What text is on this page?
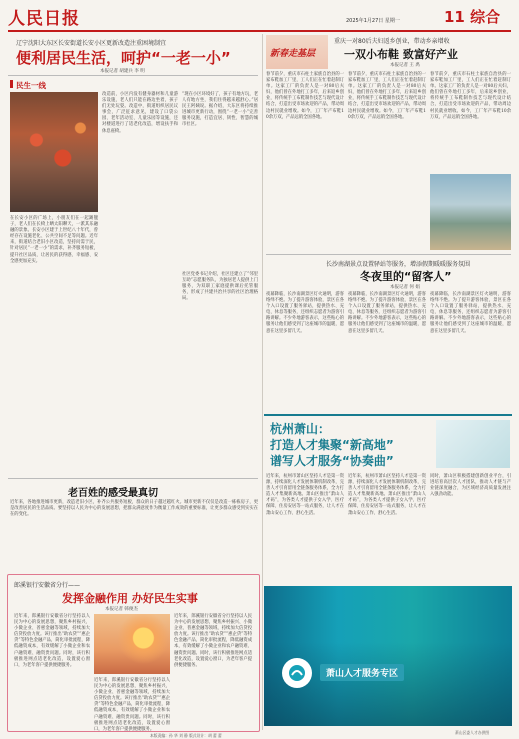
人民日报	2025年1月27日 星期一	11 综合
辽宁沈阳大东区长安街道长安小区更新改造注重困境制宜
便利居民生活，呵护“一老一小”
本报记者 胡建兵 李 明
民生一线
在长安小区的广场上，小朋友们在一起踢毽子，老人们在长椅上晒太阳聊天，一派其乐融融的景象。长安小区建于上世纪八十年代，曾经存在设施老化、公共空间不足等问题。近年来，街道结合老旧小区改造，坚持问需于民，针对居民“一老一小”的需求，补齐服务短板，提升社区品质，让居民的获得感、幸福感、安全感更加充实。
改造前，小区内没有健身器材和儿童游乐设施，老人们只能在路边坐着，孩子们无处玩耍。改造中，街道组织居民议事会，广泛征求意见，建设了口袋公园、老年活动室、儿童乐园等设施，还对楼道进行了适老化改造，增设扶手和休息座椅。
“现在小区环境好了，孩子有地方玩，老人有地方坐，我们住得越来越舒心。”居民王阿姨说。据介绍，大东区将持续推进城市更新行动，围绕“一老一小”完善服务设施，打造宜居、韧性、智慧的城市社区。
社区党委书记介绍，社区还建立了“邻里互助”志愿服务队，为独居老人提供上门服务，为双职工家庭提供课后托管服务，形成了共建共治共享的社区治理格局。
老百姓的感受最真切
近年来，各地推进城市更新，改造老旧小区，补齐公共服务短板，群众的日子越过越红火。城市更新不仅仅是改造一栋栋房子，更是改善居民的生活品质。要坚持以人民为中心的发展思想，把群众满意度作为衡量工作成效的重要标准，让更多群众感受到实实在在的变化。
郎溪银行安徽省分行——
发挥金融作用 办好民生实事
本报记者 韩俊杰
近年来，郎溪银行安徽省分行坚持以人民为中心的发展思想，聚焦乡村振兴、小微企业、普惠金融等领域，持续加大信贷投放力度。该行推出“助农贷”“惠企贷”等特色金融产品，简化审批流程，降低融资成本，有效缓解了小微企业和农户融资难、融资贵问题。同时，该行积极推进网点适老化改造，设置爱心窗口，为老年客户提供便捷服务。
近年来，郎溪银行安徽省分行坚持以人民为中心的发展思想，聚焦乡村振兴、小微企业、普惠金融等领域，持续加大信贷投放力度。该行推出“助农贷”“惠企贷”等特色金融产品，简化审批流程，降低融资成本，有效缓解了小微企业和农户融资难、融资贵问题。同时，该行积极推进网点适老化改造，设置爱心窗口，为老年客户提供便捷服务。
近年来，郎溪银行安徽省分行坚持以人民为中心的发展思想，聚焦乡村振兴、小微企业、普惠金融等领域，持续加大信贷投放力度。该行推出“助农贷”“惠企贷”等特色金融产品，简化审批流程，降低融资成本，有效缓解了小微企业和农户融资难、融资贵问题。同时，该行积极推进网点适老化改造，设置爱心窗口，为老年客户提供便捷服务。
本版责编：孙 华 刘 静 版式设计：胡 蕾 蕾
新春走基层
重庆一对80后夫妇返乡创业，带动乡亲增收
一双小布鞋 致富好产业
本报记者 王 禹
春节前夕，重庆市石柱土家族自治县的一家布鞋加工厂里，工人们正在忙着赶制订单。这家工厂的负责人是一对80后夫妇，他们曾在外地打工多年，后来返乡创业，将传统手工布鞋制作技艺与现代设计结合，打造出受市场欢迎的产品，带动周边村民就业增收。如今，工厂年产布鞋10余万双，产品远销全国各地。
春节前夕，重庆市石柱土家族自治县的一家布鞋加工厂里，工人们正在忙着赶制订单。这家工厂的负责人是一对80后夫妇，他们曾在外地打工多年，后来返乡创业，将传统手工布鞋制作技艺与现代设计结合，打造出受市场欢迎的产品，带动周边村民就业增收。如今，工厂年产布鞋10余万双，产品远销全国各地。
春节前夕，重庆市石柱土家族自治县的一家布鞋加工厂里，工人们正在忙着赶制订单。这家工厂的负责人是一对80后夫妇，他们曾在外地打工多年，后来返乡创业，将传统手工布鞋制作技艺与现代设计结合，打造出受市场欢迎的产品，带动周边村民就业增收。如今，工厂年产布鞋10余万双，产品远销全国各地。
长沙南湖景点设置驿站等服务，增添假期暖暖服务氛围
冬夜里的“留客人”
本报记者 何 娟
夜幕降临，长沙南湖景区灯火通明，游客络绎不绝。为了提升游客体验，景区在各个入口设置了服务驿站，提供热水、充电、休息等服务，还组织志愿者为游客引路讲解。不少外地游客表示，这些贴心的服务让他们感受到了这座城市的温暖，愿意在这里多留几天。
夜幕降临，长沙南湖景区灯火通明，游客络绎不绝。为了提升游客体验，景区在各个入口设置了服务驿站，提供热水、充电、休息等服务，还组织志愿者为游客引路讲解。不少外地游客表示，这些贴心的服务让他们感受到了这座城市的温暖，愿意在这里多留几天。
夜幕降临，长沙南湖景区灯火通明，游客络绎不绝。为了提升游客体验，景区在各个入口设置了服务驿站，提供热水、充电、休息等服务，还组织志愿者为游客引路讲解。不少外地游客表示，这些贴心的服务让他们感受到了这座城市的温暖，愿意在这里多留几天。
杭州萧山：
打造人才集聚“新高地”
谱写人才服务“协奏曲”
近年来，杭州市萧山区坚持人才是第一资源，持续深化人才发展体制机制改革，完善人才引育留用全链条服务体系，全力打造人才集聚新高地。萧山区推出“萧山人才码”，为各类人才提供子女入学、医疗保障、住房安居等一站式服务，让人才在萧山安心工作、舒心生活。
近年来，杭州市萧山区坚持人才是第一资源，持续深化人才发展体制机制改革，完善人才引育留用全链条服务体系，全力打造人才集聚新高地。萧山区推出“萧山人才码”，为各类人才提供子女入学、医疗保障、住房安居等一站式服务，让人才在萧山安心工作、舒心生活。
同时，萧山区积极搭建创新创业平台，引进培育高层次人才团队，推动人才链与产业链深度融合，为区域经济高质量发展注入强劲动能。
萧山人才服务专区
萧山区委人才办供图
